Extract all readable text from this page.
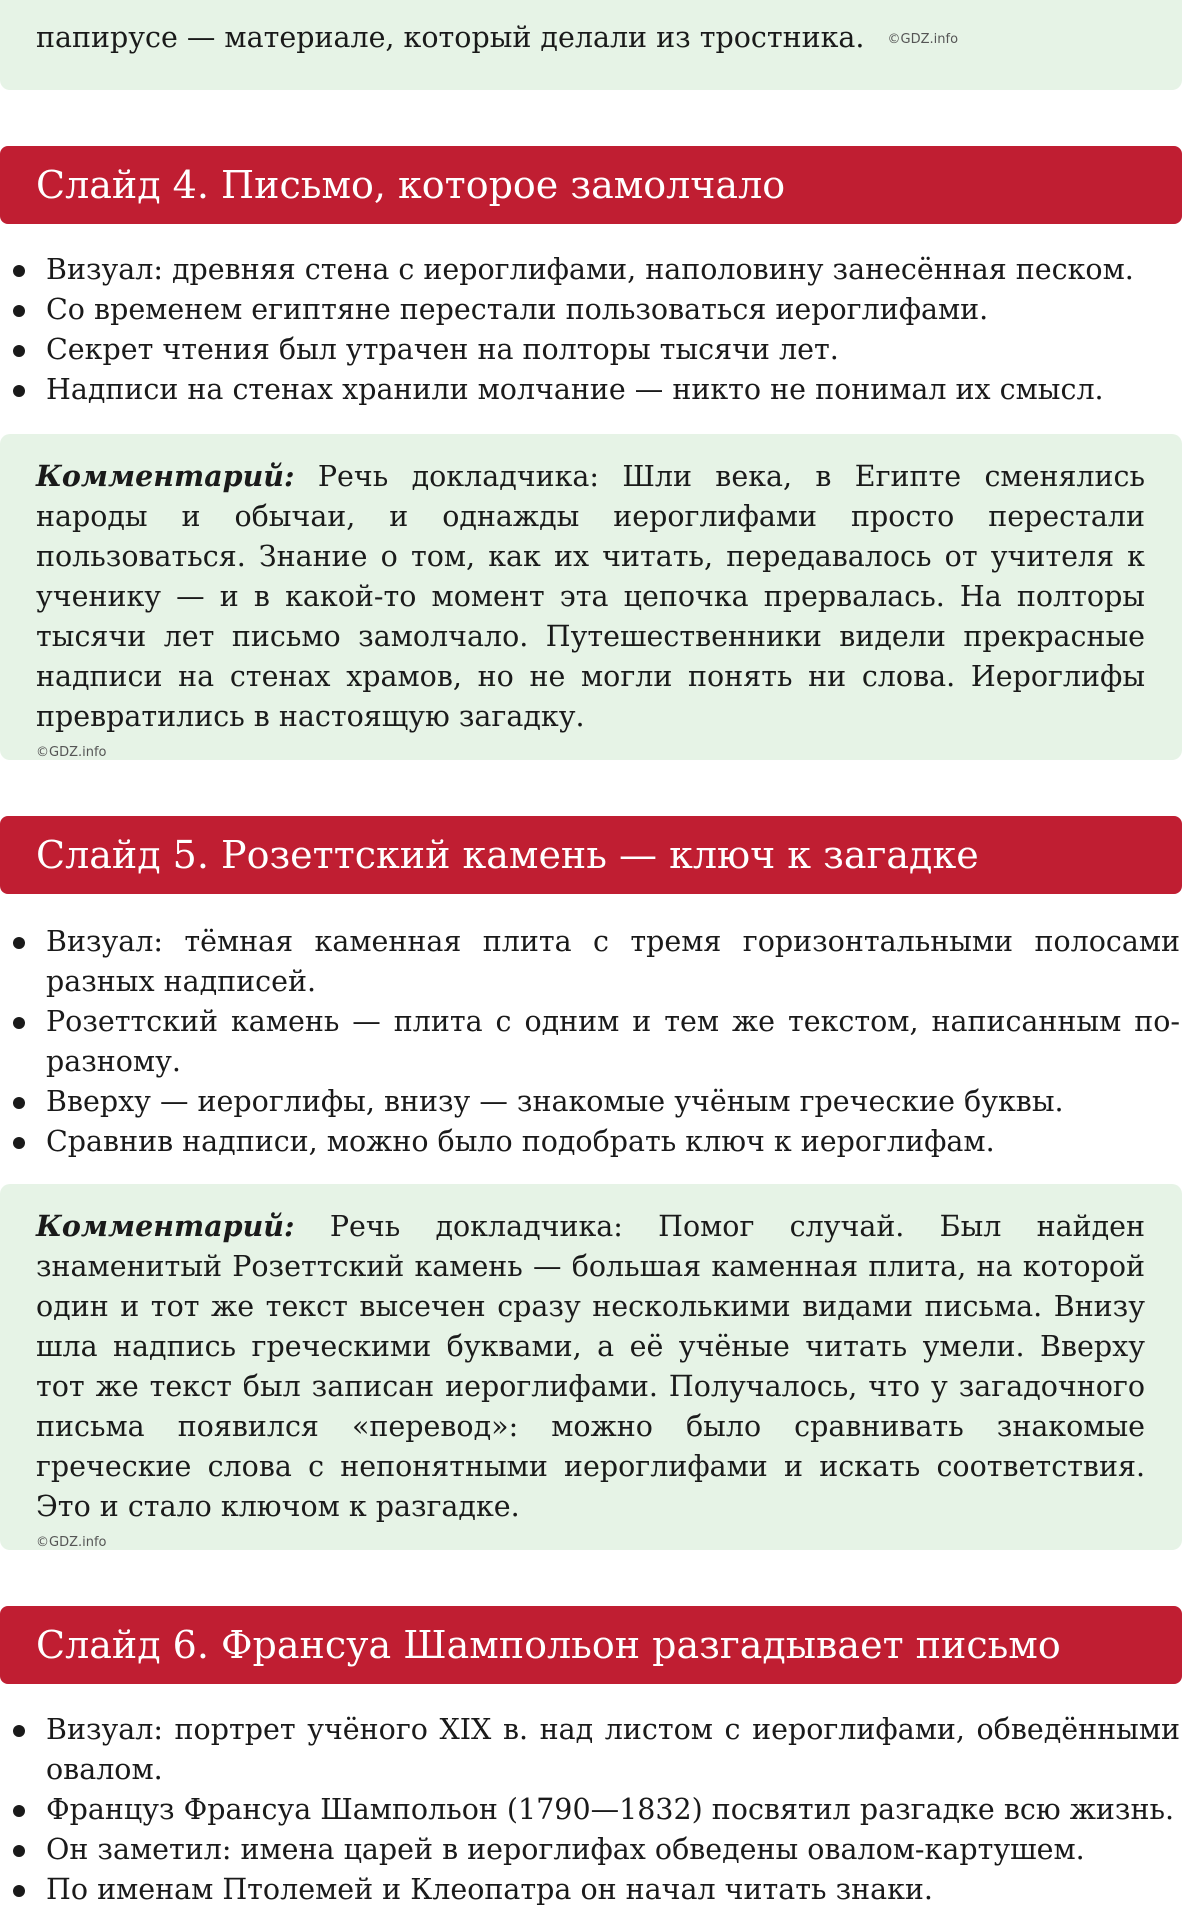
папирусе — материале, который делали из тростника. ©GDZ.info
Слайд 4. Письмо, которое замолчало
Визуал: древняя стена с иероглифами, наполовину занесённая песком.
Со временем египтяне перестали пользоваться иероглифами.
Секрет чтения был утрачен на полторы тысячи лет.
Надписи на стенах хранили молчание — никто не понимал их смысл.

Комментарий: Речь докладчика: Шли века, в Египте сменялись народы и обычаи, и однажды иероглифами просто перестали пользоваться. Знание о том, как их читать, передавалось от учителя к ученику — и в какой-то момент эта цепочка прервалась. На полторы тысячи лет письмо замолчало. Путешественники видели прекрасные надписи на стенах храмов, но не могли понять ни слова. Иероглифы превратились в настоящую загадку.

©GDZ.info
Слайд 5. Розеттский камень — ключ к загадке
Визуал: тёмная каменная плита с тремя горизонтальными полосами разных надписей.
Розеттский камень — плита с одним и тем же текстом, написанным по-разному.
Вверху — иероглифы, внизу — знакомые учёным греческие буквы.
Сравнив надписи, можно было подобрать ключ к иероглифам.

Комментарий: Речь докладчика: Помог случай. Был найден знаменитый Розеттский камень — большая каменная плита, на которой один и тот же текст высечен сразу несколькими видами письма. Внизу шла надпись греческими буквами, а её учёные читать умели. Вверху тот же текст был записан иероглифами. Получалось, что у загадочного письма появился «перевод»: можно было сравнивать знакомые греческие слова с непонятными иероглифами и искать соответствия. Это и стало ключом к разгадке.

©GDZ.info
Слайд 6. Франсуа Шампольон разгадывает письмо
Визуал: портрет учёного XIX в. над листом с иероглифами, обведёнными овалом.
Француз Франсуа Шампольон (1790—1832) посвятил разгадке всю жизнь.
Он заметил: имена царей в иероглифах обведены овалом-картушем.
По именам Птолемей и Клеопатра он начал читать знаки.
